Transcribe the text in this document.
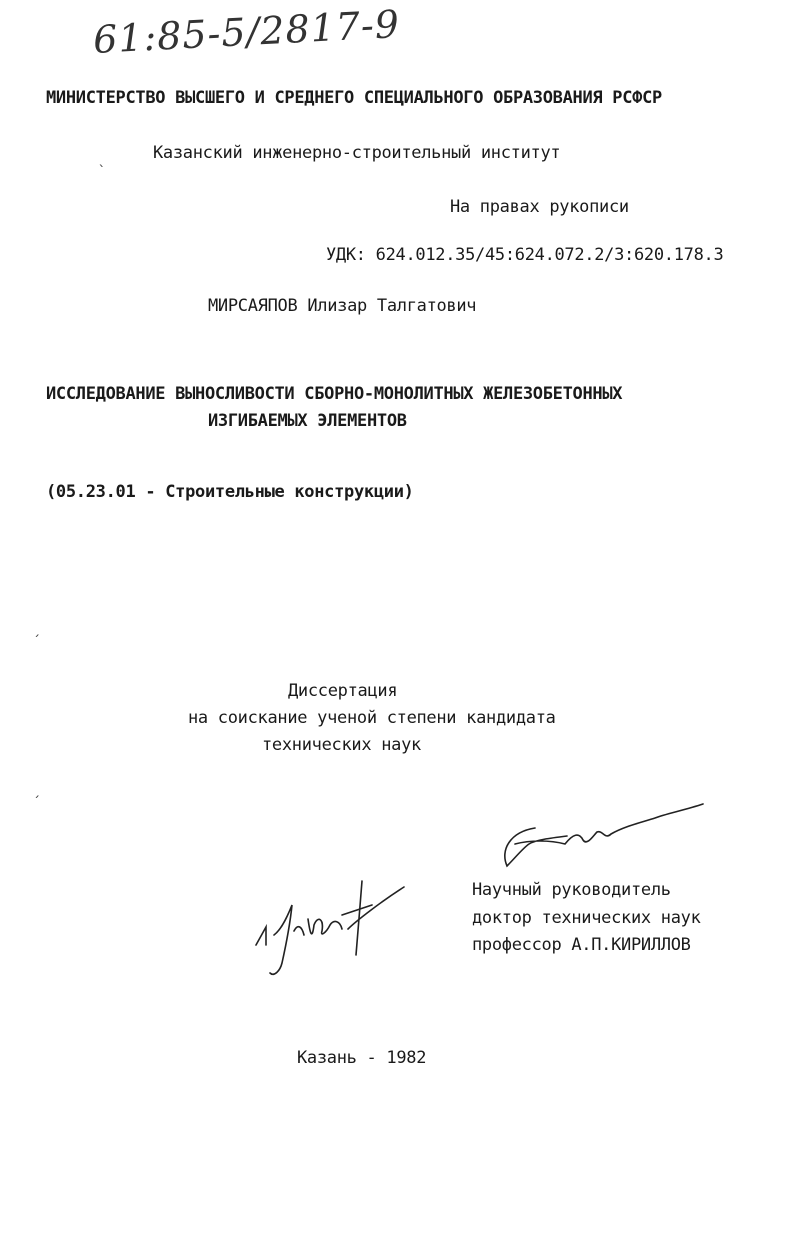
61:85-5/2817-9
МИНИСТЕРСТВО ВЫСШЕГО И СРЕДНЕГО СПЕЦИАЛЬНОГО ОБРАЗОВАНИЯ РСФСР
Казанский инженерно-строительный институт
На правах рукописи
УДК: 624.012.35/45:624.072.2/3:620.178.3
МИРСАЯПОВ Илизар Талгатович
ИССЛЕДОВАНИЕ ВЫНОСЛИВОСТИ СБОРНО-МОНОЛИТНЫХ ЖЕЛЕЗОБЕТОННЫХ
ИЗГИБАЕМЫХ ЭЛЕМЕНТОВ
(05.23.01 - Строительные конструкции)
Диссертация
на соискание ученой степени кандидата
технических наук
Научный руководитель
доктор технических наук
профессор А.П.КИРИЛЛОВ
Казань - 1982
ˎ
ˏ
ˏ
